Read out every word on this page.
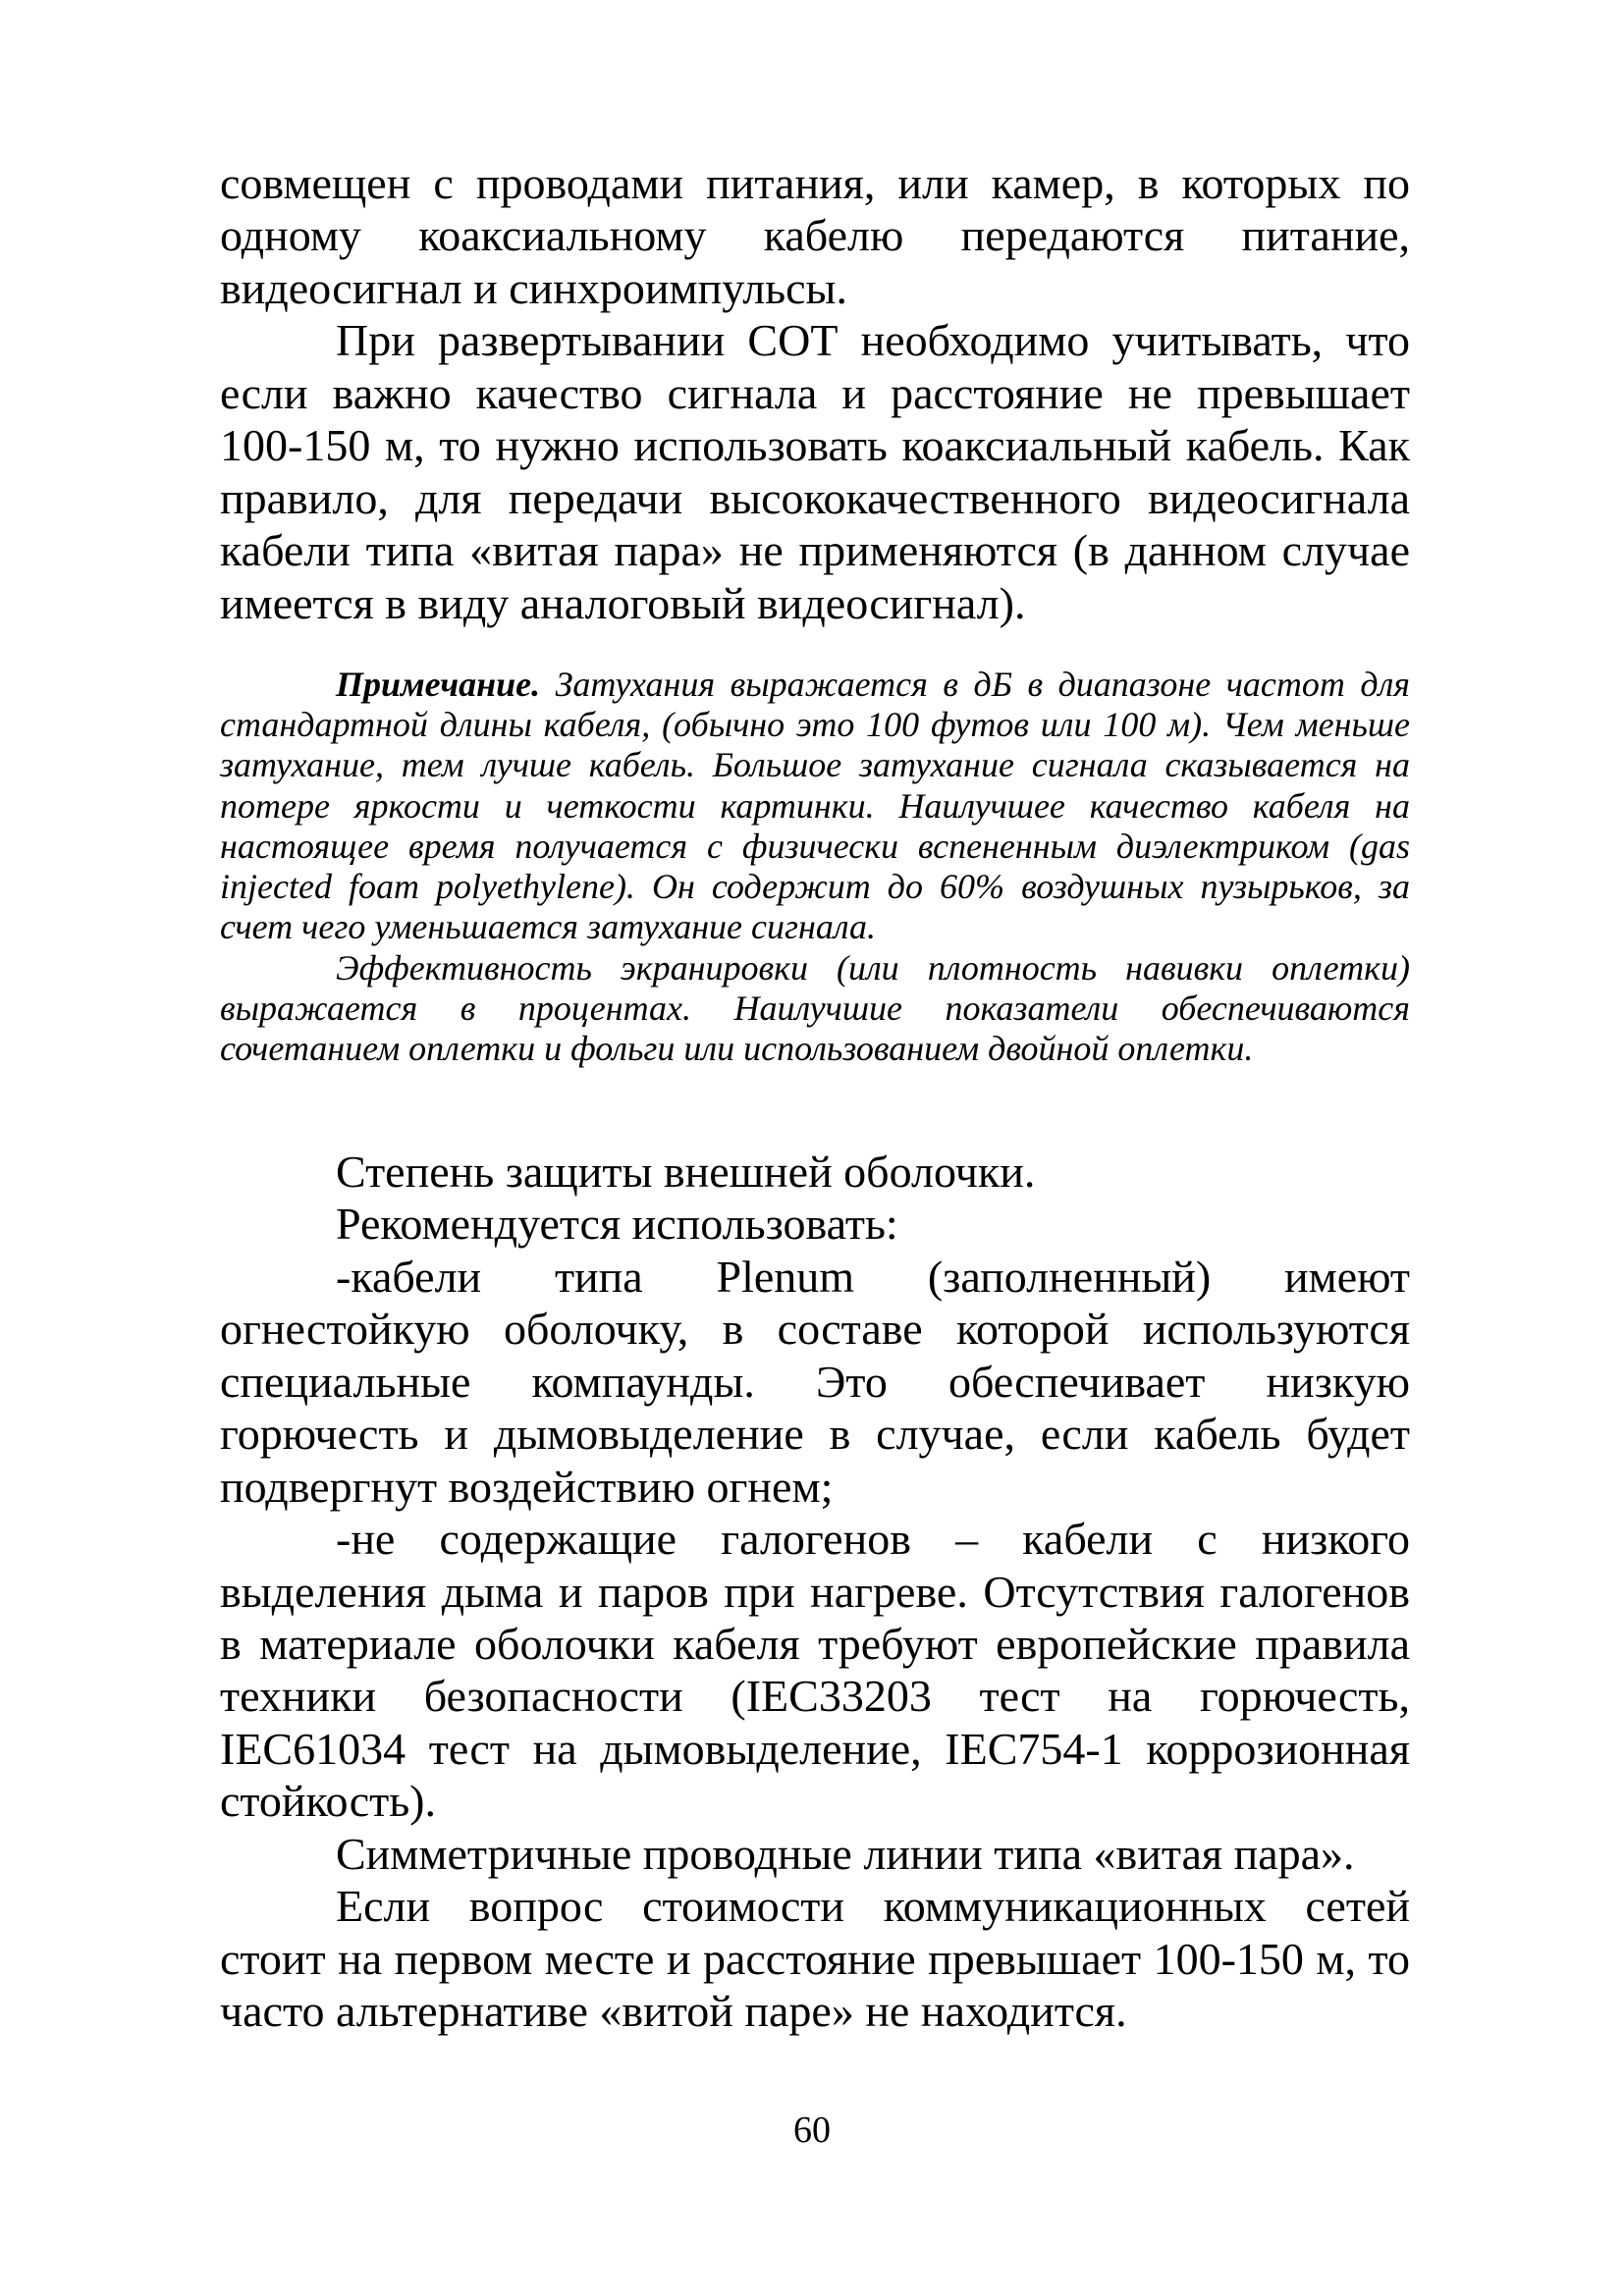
совмещен с проводами питания, или камер, в которых по одному коаксиальному кабелю передаются питание, видеосигнал и синхроимпульсы.

При развертывании СОТ необходимо учитывать, что если важно качество сигнала и расстояние не превышает 100-150 м, то нужно использовать коаксиальный кабель. Как правило, для передачи высококачественного видеосигнала кабели типа «витая пара» не применяются (в данном случае имеется в виду аналоговый видеосигнал).

Примечание. Затухания выражается в дБ в диапазоне частот для стандартной длины кабеля, (обычно это 100 футов или 100 м). Чем меньше затухание, тем лучше кабель. Большое затухание сигнала сказывается на потере яркости и четкости картинки. Наилучшее качество кабеля на настоящее время получается с физически вспененным диэлектриком (gas injected foam polyethylene). Он содержит до 60% воздушных пузырьков, за счет чего уменьшается затухание сигнала.

Эффективность экранировки (или плотность навивки оплетки) выражается в процентах. Наилучшие показатели обеспечиваются сочетанием оплетки и фольги или использованием двойной оплетки.

Степень защиты внешней оболочки.

Рекомендуется использовать:

-кабели типа Plenum (заполненный) имеют огнестойкую оболочку, в составе которой используются специальные компаунды. Это обеспечивает низкую горючесть и дымовыделение в случае, если кабель будет подвергнут воздействию огнем;

-не содержащие галогенов – кабели с низкого выделения дыма и паров при нагреве. Отсутствия галогенов в материале оболочки кабеля требуют европейские правила техники безопасности (IEC33203 тест на горючесть, IEC61034 тест на дымовыделение, IEC754-1 коррозионная стойкость).

Симметричные проводные линии типа «витая пара».

Если вопрос стоимости коммуникационных сетей стоит на первом месте и расстояние превышает 100-150 м, то часто альтернативе «витой паре» не находится.

60
